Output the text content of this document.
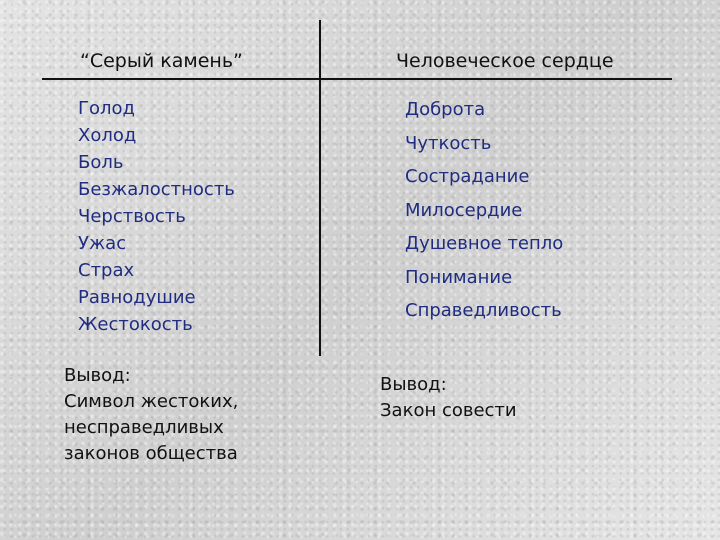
“Серый камень”	Человеческое сердце
Голод
Холод
Боль
Безжалостность
Черствость
Ужас
Страх
Равнодушие
Жестокость
Доброта
Чуткость
Сострадание
Милосердие
Душевное тепло
Понимание
Справедливость
Вывод:
Символ жестоких,
несправедливых
законов общества
Вывод:
Закон совести
